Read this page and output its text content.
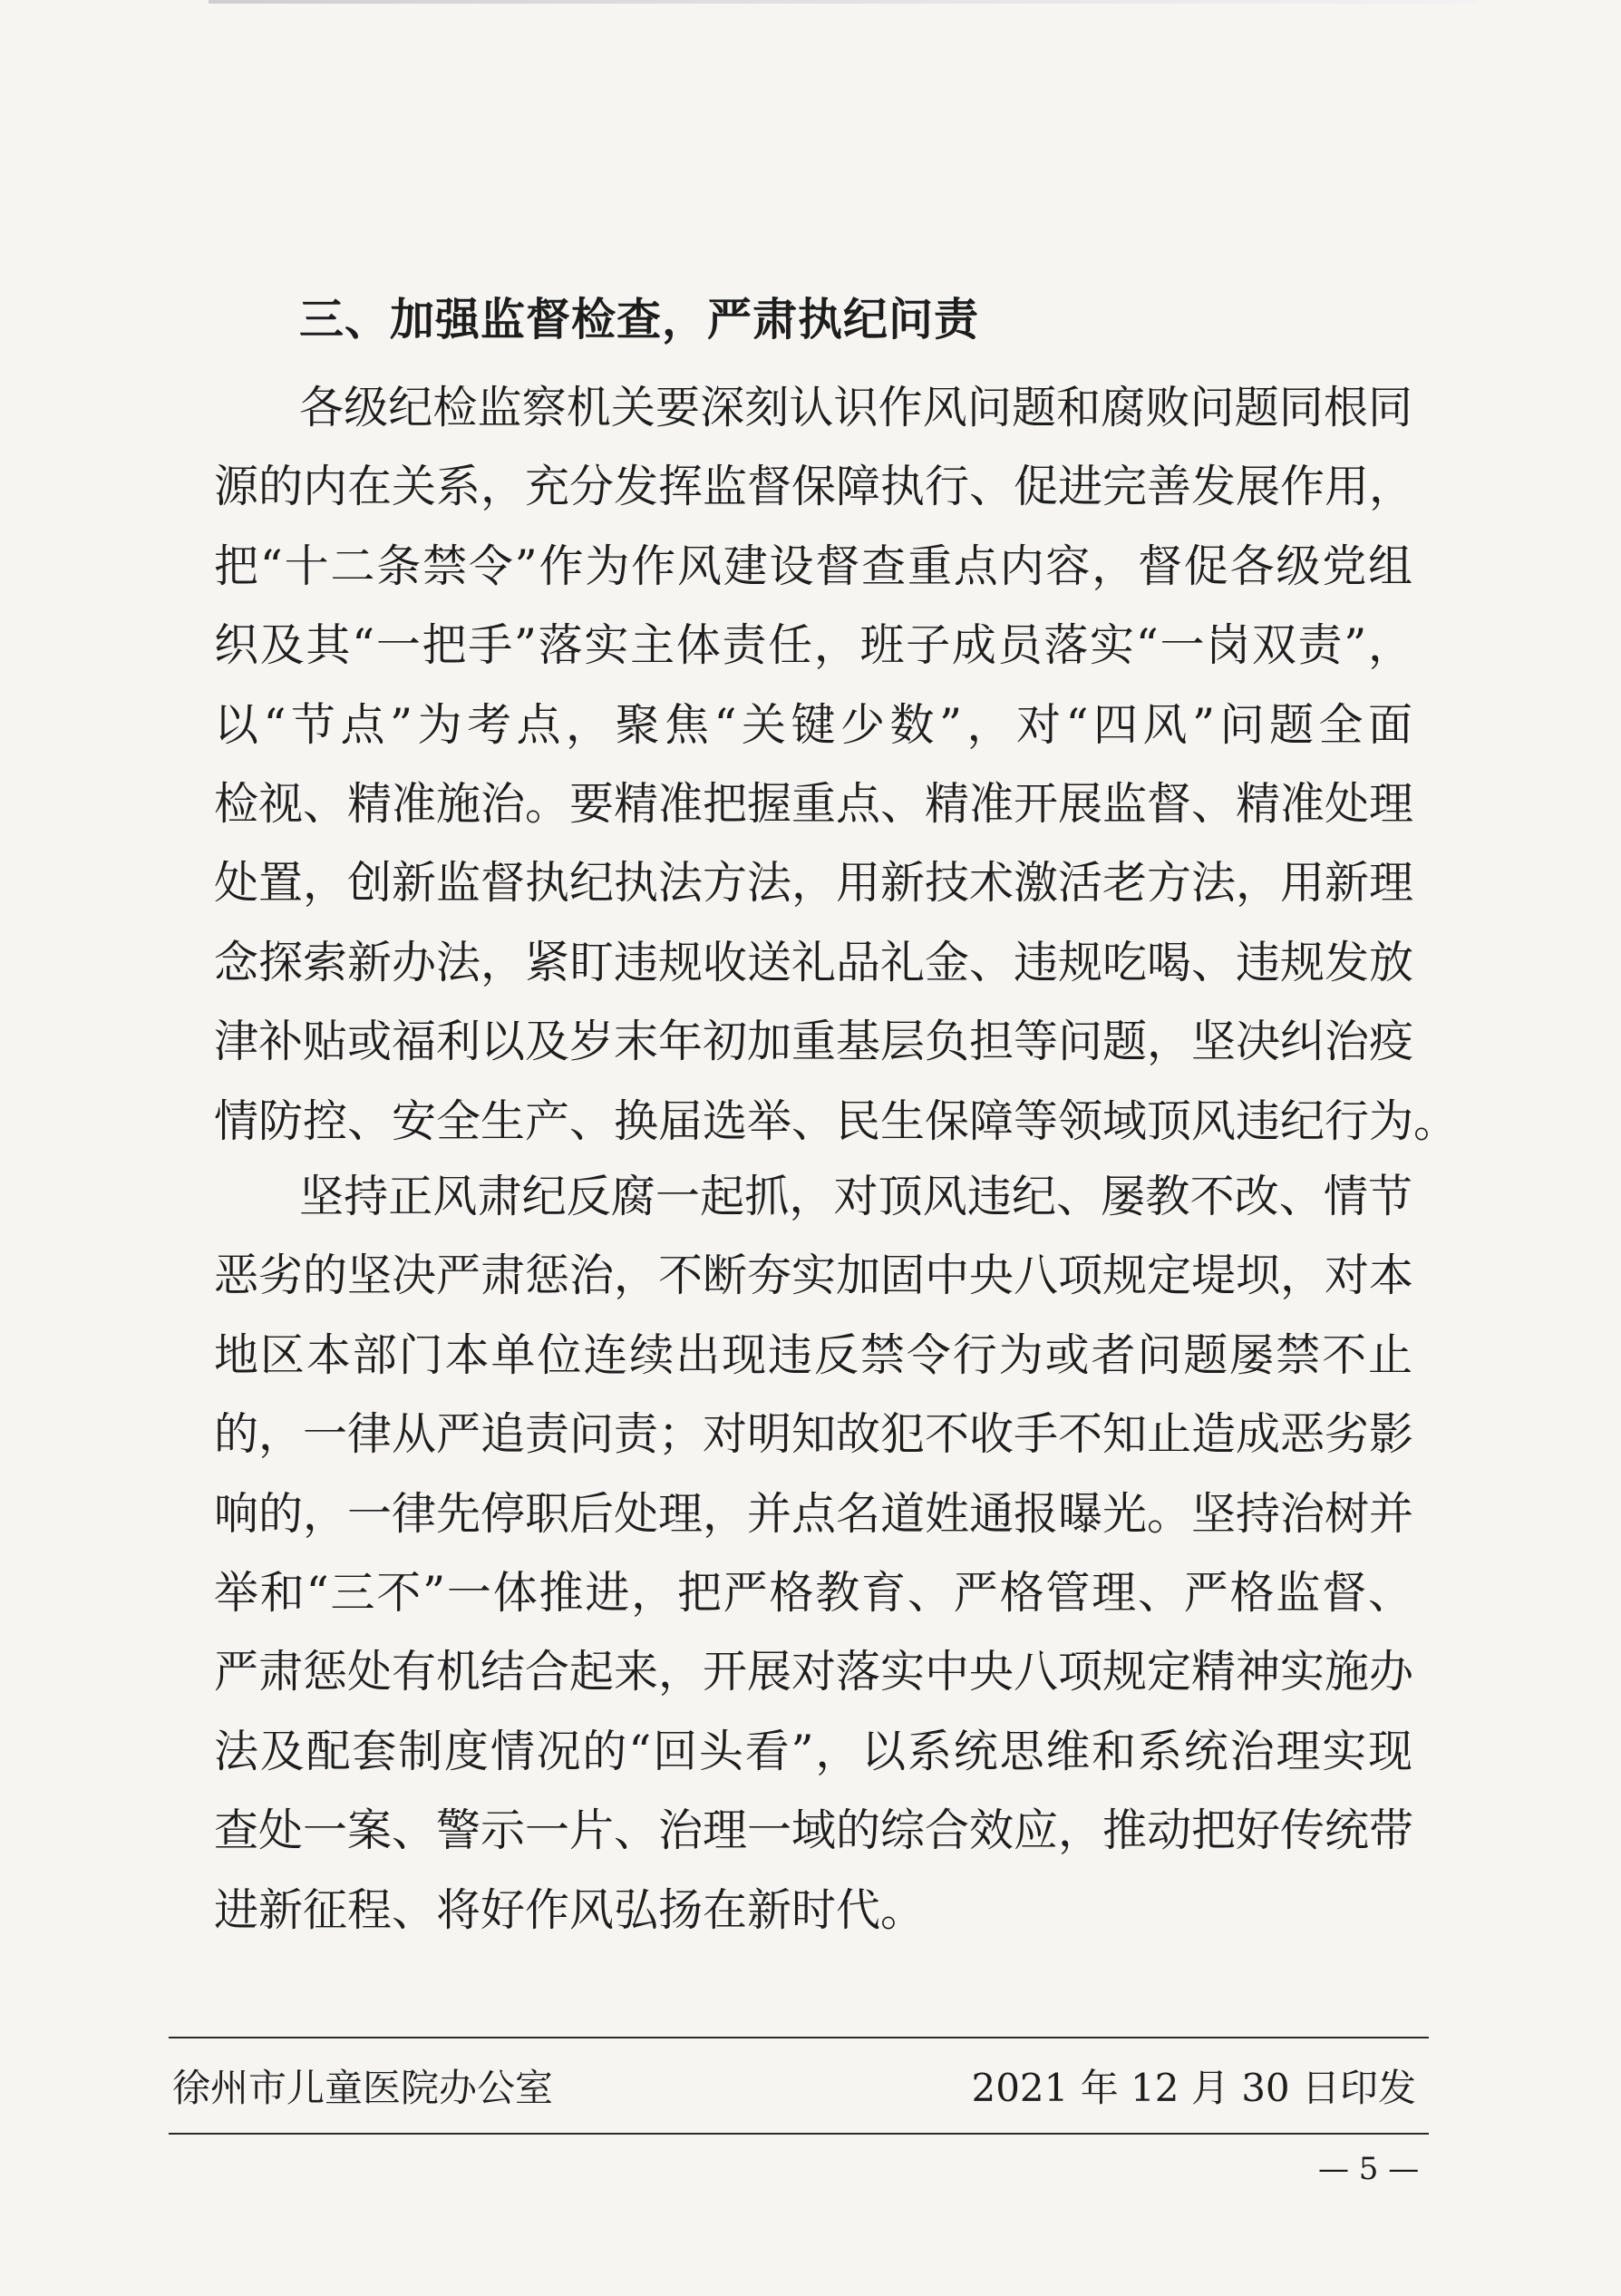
三、加强监督检查，严肃执纪问责
各级纪检监察机关要深刻认识作风问题和腐败问题同根同
源的内在关系，充分发挥监督保障执行、促进完善发展作用，
把“十二条禁令”作为作风建设督查重点内容，督促各级党组
织及其“一把手”落实主体责任，班子成员落实“一岗双责”，
以“节点”为考点，聚焦“关键少数”，对“四风”问题全面
检视、精准施治。要精准把握重点、精准开展监督、精准处理
处置，创新监督执纪执法方法，用新技术激活老方法，用新理
念探索新办法，紧盯违规收送礼品礼金、违规吃喝、违规发放
津补贴或福利以及岁末年初加重基层负担等问题，坚决纠治疫
情防控、安全生产、换届选举、民生保障等领域顶风违纪行为。
坚持正风肃纪反腐一起抓，对顶风违纪、屡教不改、情节
恶劣的坚决严肃惩治，不断夯实加固中央八项规定堤坝，对本
地区本部门本单位连续出现违反禁令行为或者问题屡禁不止
的，一律从严追责问责；对明知故犯不收手不知止造成恶劣影
响的，一律先停职后处理，并点名道姓通报曝光。坚持治树并
举和“三不”一体推进，把严格教育、严格管理、严格监督、
严肃惩处有机结合起来，开展对落实中央八项规定精神实施办
法及配套制度情况的“回头看”，以系统思维和系统治理实现
查处一案、警示一片、治理一域的综合效应，推动把好传统带
进新征程、将好作风弘扬在新时代。
徐州市儿童医院办公室	2021 年 12 月 30 日印发
— 5 —
